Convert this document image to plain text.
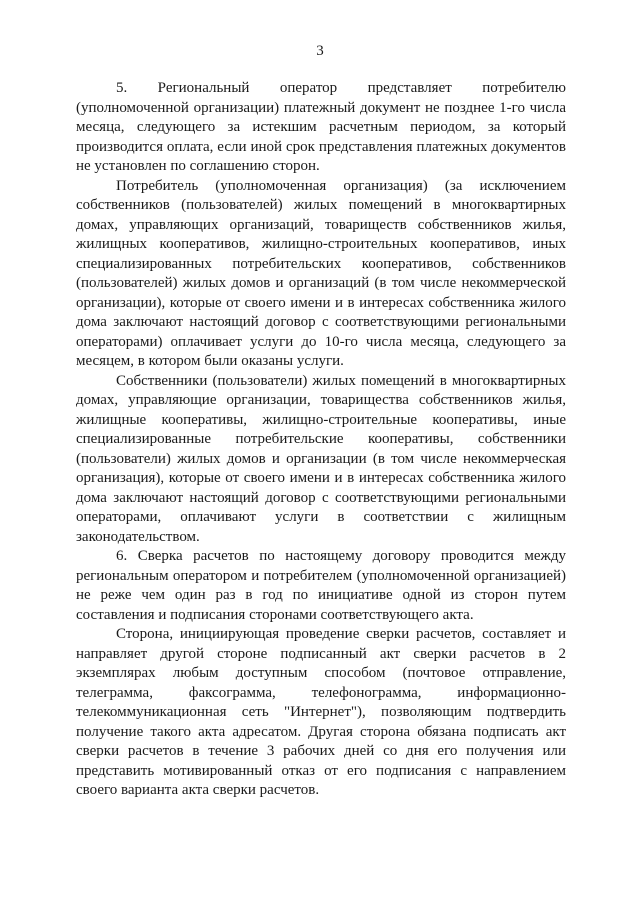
3

5. Региональный оператор представляет потребителю (уполномоченной организации) платежный документ не позднее 1-го числа месяца, следующего за истекшим расчетным периодом, за который производится оплата, если иной срок представления платежных документов не установлен по соглашению сторон.

Потребитель (уполномоченная организация) (за исключением собственников (пользователей) жилых помещений в многоквартирных домах, управляющих организаций, товариществ собственников жилья, жилищных кооперативов, жилищно-строительных кооперативов, иных специализированных потребительских кооперативов, собственников (пользователей) жилых домов и организаций (в том числе некоммерческой организации), которые от своего имени и в интересах собственника жилого дома заключают настоящий договор с соответствующими региональными операторами) оплачивает услуги до 10-го числа месяца, следующего за месяцем, в котором были оказаны услуги.

Собственники (пользователи) жилых помещений в многоквартирных домах, управляющие организации, товарищества собственников жилья, жилищные кооперативы, жилищно-строительные кооперативы, иные специализированные потребительские кооперативы, собственники (пользователи) жилых домов и организации (в том числе некоммерческая организация), которые от своего имени и в интересах собственника жилого дома заключают настоящий договор с соответствующими региональными операторами, оплачивают услуги в соответствии с жилищным законодательством.

6. Сверка расчетов по настоящему договору проводится между региональным оператором и потребителем (уполномоченной организацией) не реже чем один раз в год по инициативе одной из сторон путем составления и подписания сторонами соответствующего акта.

Сторона, инициирующая проведение сверки расчетов, составляет и направляет другой стороне подписанный акт сверки расчетов в 2 экземплярах любым доступным способом (почтовое отправление, телеграмма, факсограмма, телефонограмма, информационно-телекоммуникационная сеть "Интернет"), позволяющим подтвердить получение такого акта адресатом. Другая сторона обязана подписать акт сверки расчетов в течение 3 рабочих дней со дня его получения или представить мотивированный отказ от его подписания с направлением своего варианта акта сверки расчетов.
